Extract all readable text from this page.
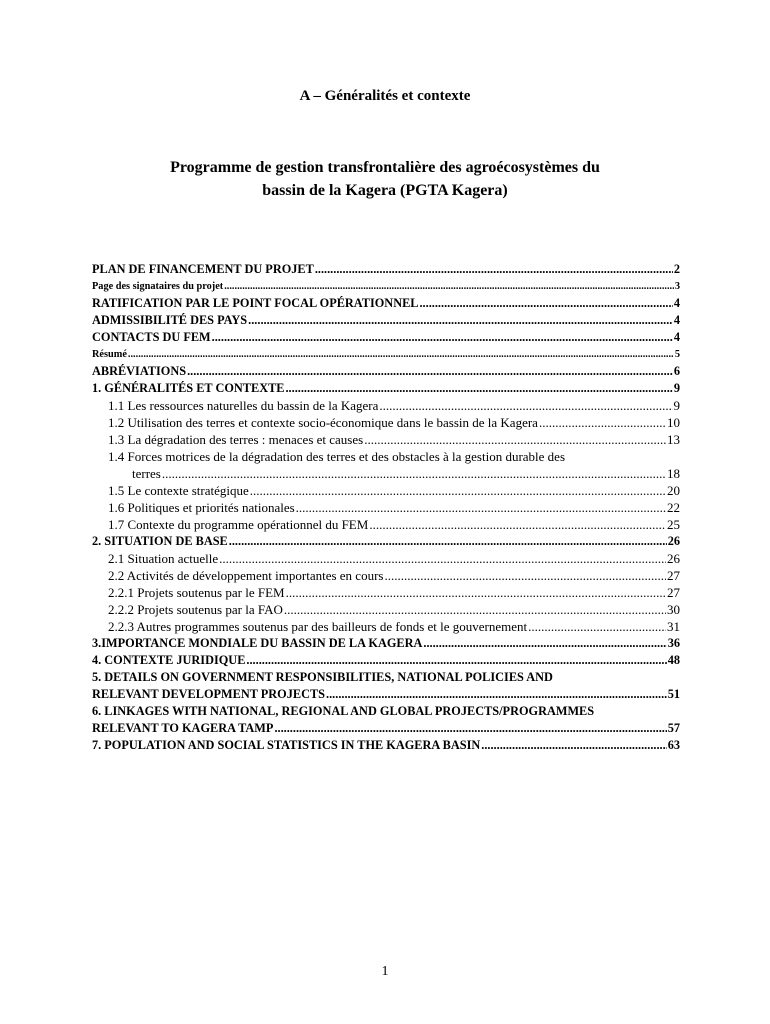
A – Généralités et contexte
Programme de gestion transfrontalière des agroécosystèmes du
bassin de la Kagera (PGTA Kagera)
PLAN DE FINANCEMENT DU PROJET .....	2
Page des signataires du projet .....	3
RATIFICATION PAR LE POINT FOCAL OPÉRATIONNEL .....	4
ADMISSIBILITÉ DES PAYS .....	4
CONTACTS DU FEM .....	4
Résumé .....	5
ABRÉVIATIONS .....	6
1. GÉNÉRALITÉS ET CONTEXTE .....	9
1.1 Les ressources naturelles du bassin de la Kagera .....	9
1.2 Utilisation des terres et contexte socio-économique dans le bassin de la Kagera .....	10
1.3 La dégradation des terres : menaces et causes .....	13
1.4 Forces motrices de la dégradation des terres et des obstacles à la gestion durable des
terres .....	18
1.5 Le contexte stratégique .....	20
1.6 Politiques et priorités nationales .....	22
1.7 Contexte du programme opérationnel du FEM .....	25
2. SITUATION DE BASE .....	26
2.1 Situation actuelle .....	26
2.2 Activités de développement importantes en cours .....	27
2.2.1 Projets soutenus par le FEM .....	27
2.2.2 Projets soutenus par la FAO .....	30
2.2.3 Autres programmes soutenus par des bailleurs de fonds et le gouvernement .....	31
3.IMPORTANCE MONDIALE DU BASSIN DE LA KAGERA .....	36
4. CONTEXTE JURIDIQUE .....	48
5. DETAILS ON GOVERNMENT RESPONSIBILITIES, NATIONAL POLICIES AND
RELEVANT DEVELOPMENT PROJECTS .....	51
6. LINKAGES WITH NATIONAL, REGIONAL AND GLOBAL PROJECTS/PROGRAMMES
RELEVANT TO KAGERA TAMP .....	57
7. POPULATION AND SOCIAL STATISTICS IN THE KAGERA BASIN .....	63
1
